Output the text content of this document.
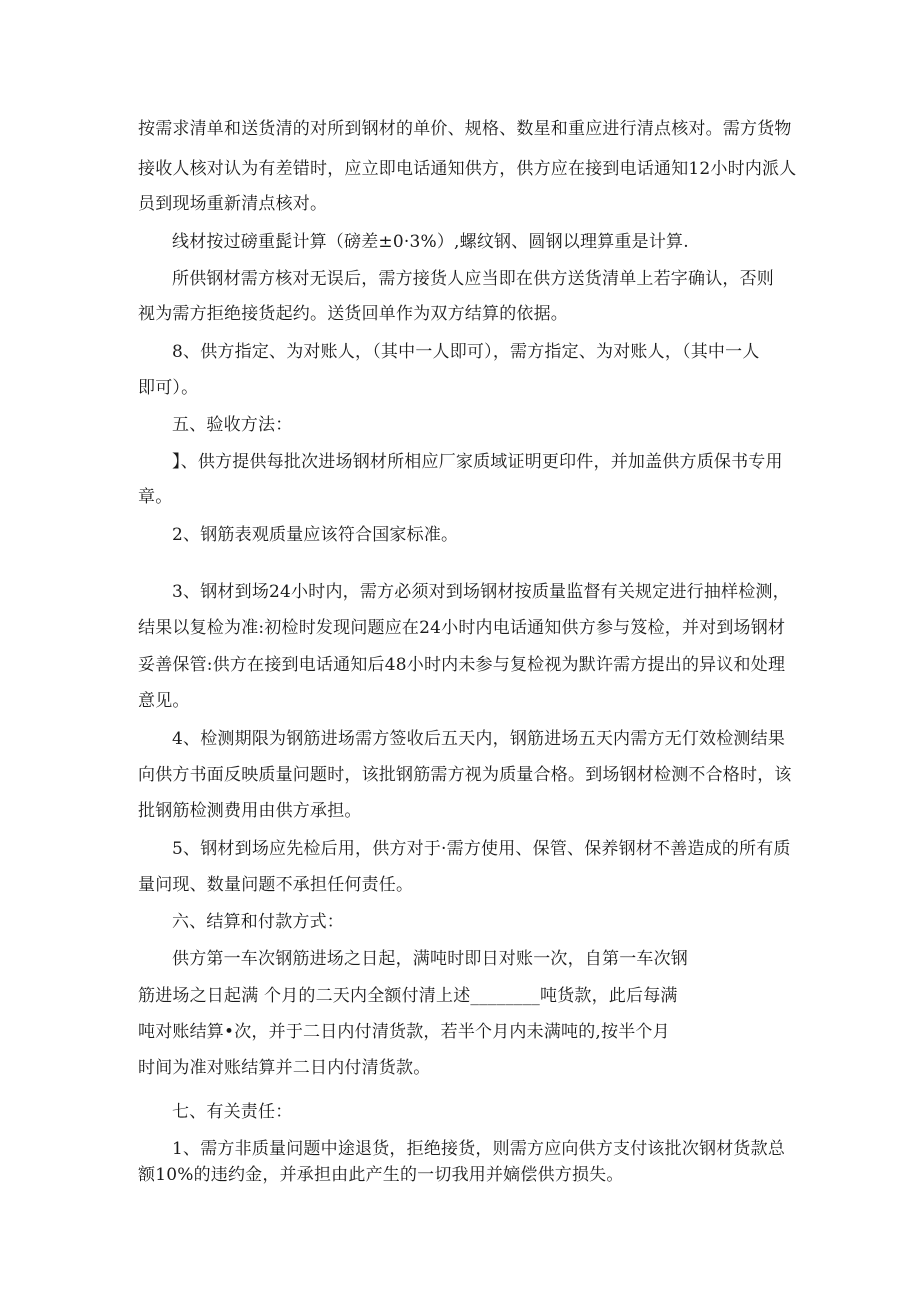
按需求清单和送货清的对所到钢材的单价、规格、数星和重应进行清点核对。需方货物
接收人核对认为有差错时，应立即电话通知供方，供方应在接到电话通知12小时内派人
员到现场重新清点核对。
线材按过磅重髭计算（磅差±0·3%）,螺纹钢、圆钢以理算重是计算.
所供钢材需方核对无误后，需方接货人应当即在供方送货清单上若字确认，否则
视为需方拒绝接货起约。送货回单作为双方结算的依据。
8、供方指定、为对账人，（其中一人即可），需方指定、为对账人，（其中一人
即可）。
五、验收方法：
】、供方提供每批次进场钢材所相应厂家质域证明更印件，并加盖供方质保书专用
章。
2、钢筋表观质量应该符合国家标准。
3、钢材到场24小时内，需方必须对到场钢材按质量监督有关规定进行抽样检测，
结果以复检为准:初检时发现问题应在24小时内电话通知供方参与笈检，并对到场钢材
妥善保管:供方在接到电话通知后48小时内未参与复检视为默许需方提出的异议和处理
意见。
4、检测期限为钢筋进场需方签收后五天内，钢筋进场五天内需方无仃效检测结果
向供方书面反映质量问题时，该批钢筋需方视为质量合格。到场钢材检测不合格时，该
批钢筋检测费用由供方承担。
5、钢材到场应先检后用，供方对于·需方使用、保管、保养钢材不善造成的所有质
量问现、数量问题不承担任何责任。
六、结算和付款方式：
供方第一车次钢筋进场之日起，满吨时即日对账一次，自第一车次钢
筋进场之日起满 个月的二天内全额付清上述________吨货款，此后每满
吨对账结算•次，并于二日内付清货款，若半个月内未满吨的,按半个月
时间为准对账结算并二日内付清货款。
七、有关责任：
1、需方非质量问题中途退货，拒绝接货，则需方应向供方支付该批次钢材货款总
额10%的违约金，并承担由此产生的一切我用并嫡偿供方损失。
